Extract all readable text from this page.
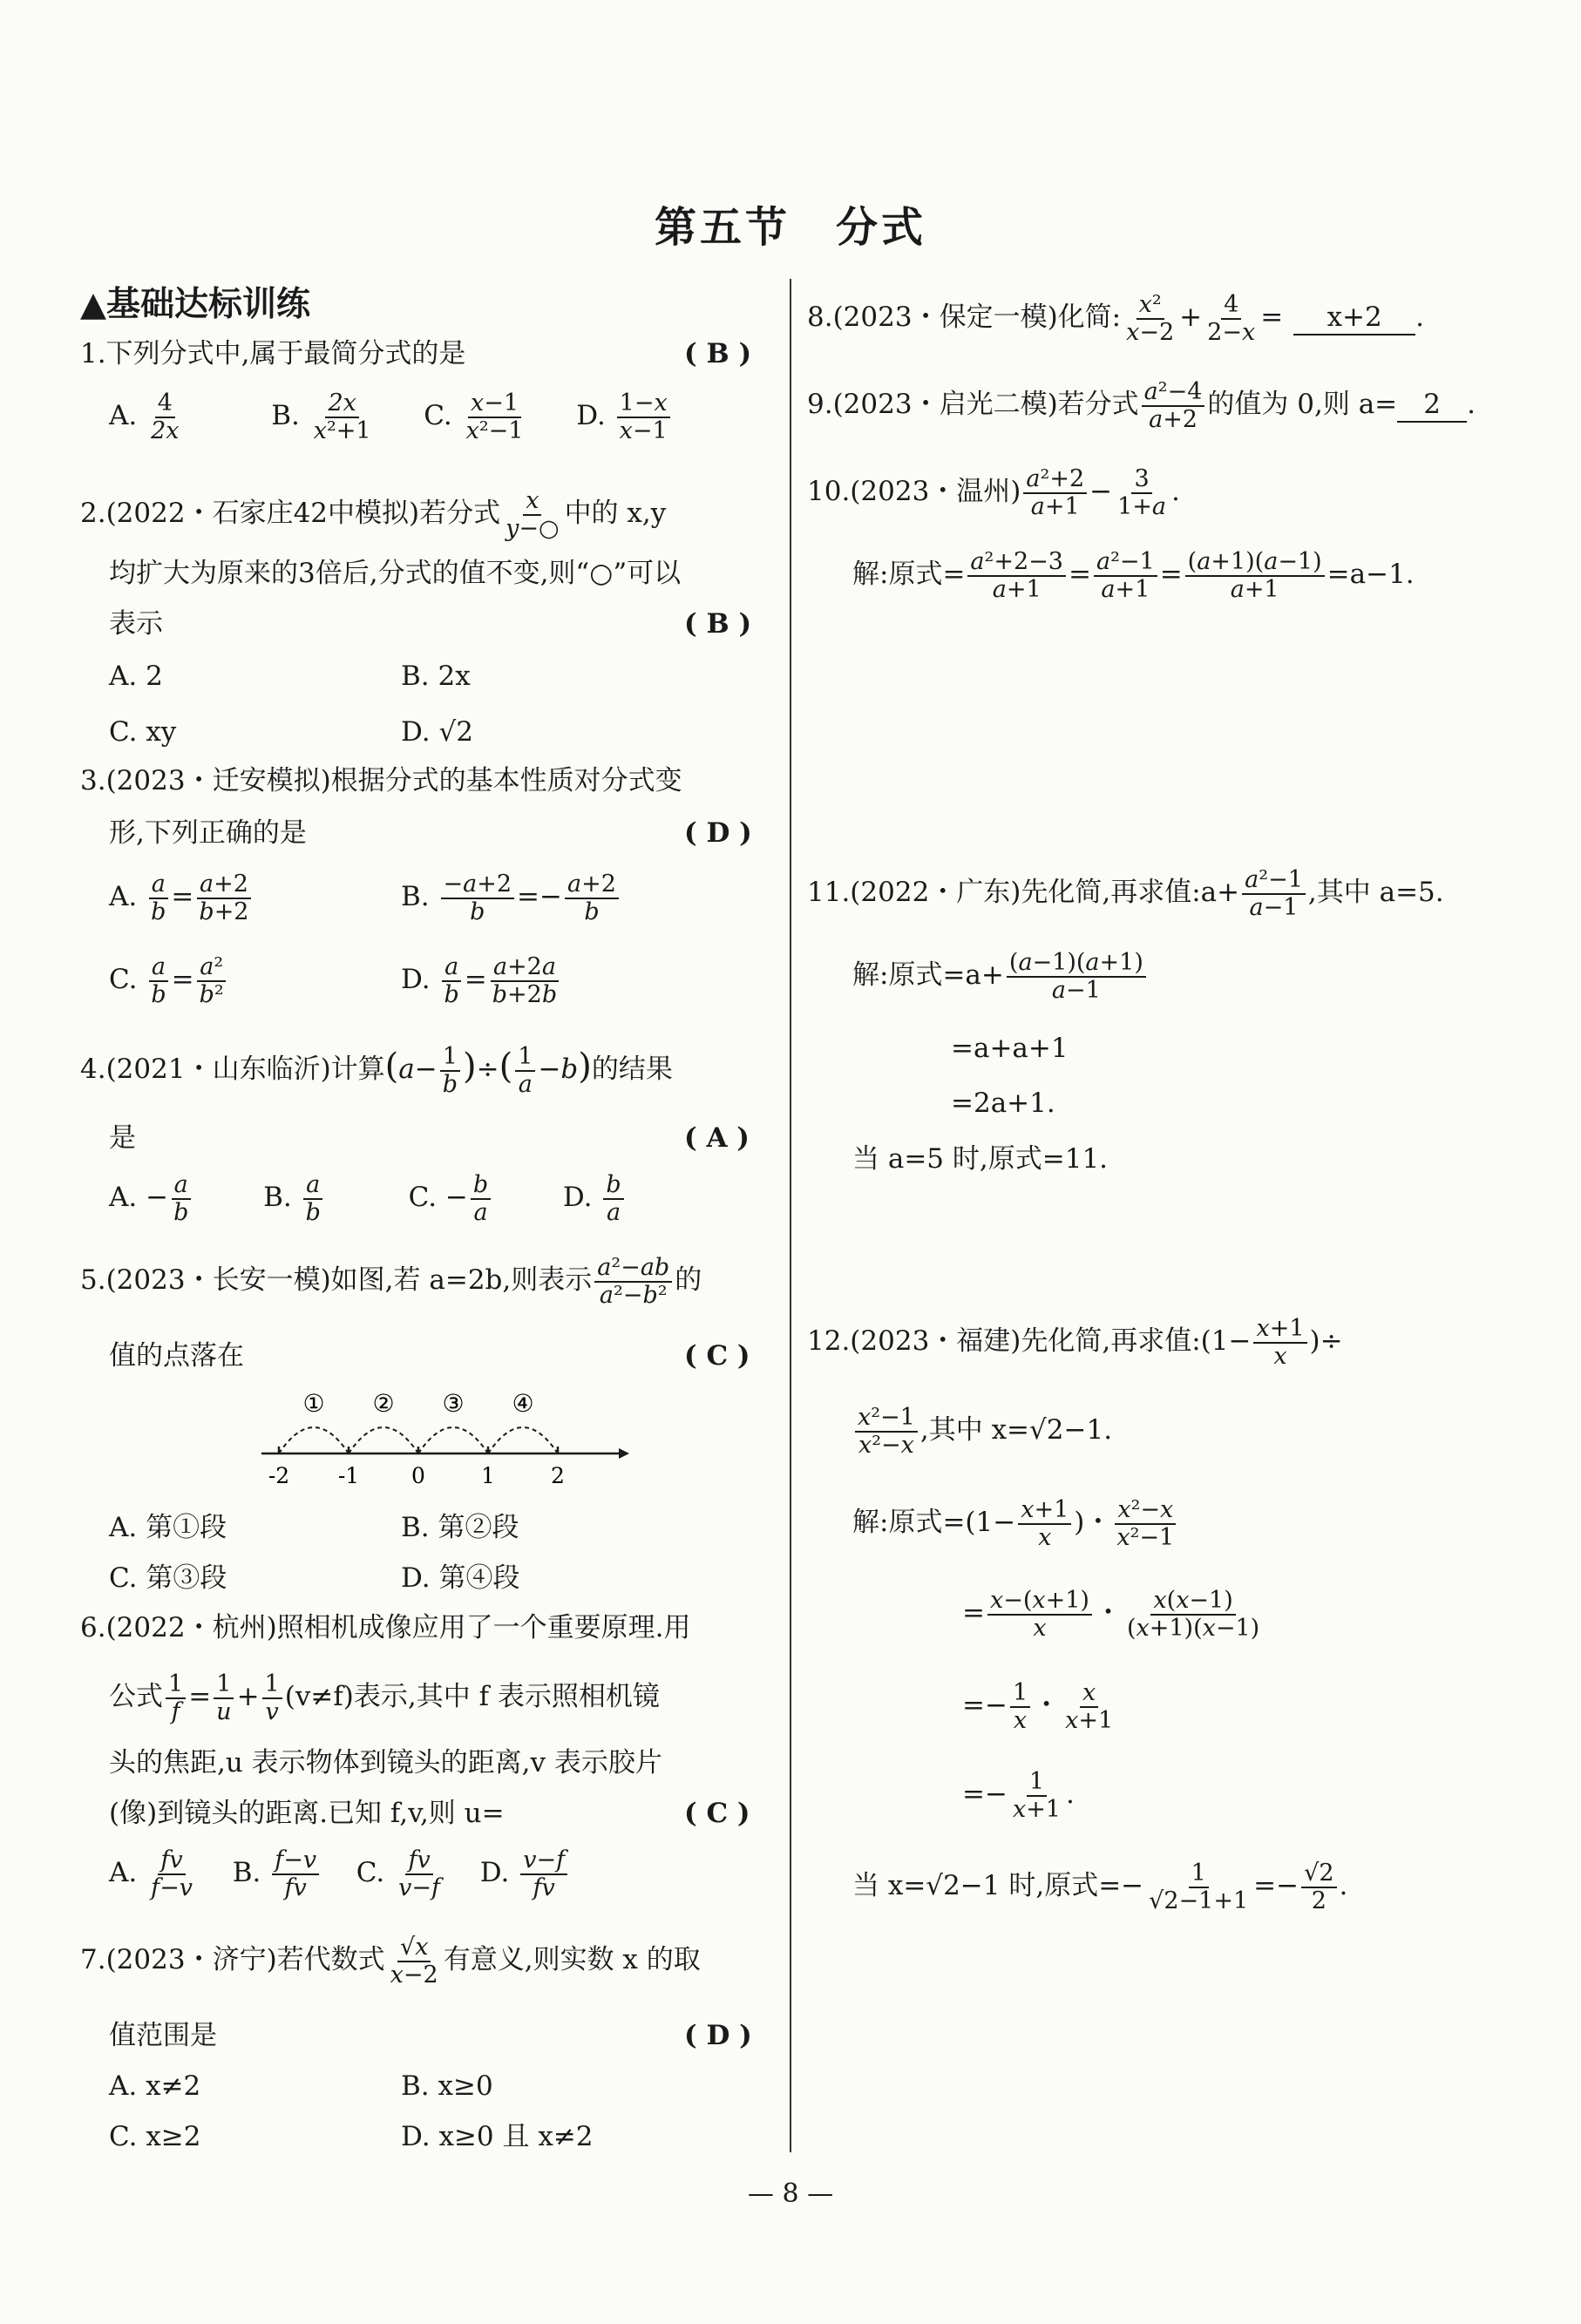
第五节　分式
▲基础达标训练
1.下列分式中,属于最简分式的是	( B )
A. $\frac{4}{2x}$	B. $\frac{2x}{\text{x²+1}} C$. $\frac{x-1}{\text{x²−1}} D$. $\frac{1-x}{x-1}$
2.(2022・石家庄42中模拟)若分式 $\frac{x}{y-○}$ 中的 x,y
均扩大为原来的3倍后,分式的值不变,则“○”可以
表示	( B )
A. 2	B. 2x
C. xy	D. √2
3.(2023・迁安模拟)根据分式的基本性质对分式变
形,下列正确的是	( D )
A. $\frac{a}{b} = \frac{a+2}{b+2}$	B. $\frac{-a+2}{b} =- \frac{a+2}{b}$
C. $\frac{a}{b} = \frac{\text{a²}}{\text{b²}}$	D. $\frac{a}{b} = \frac{a+2a}{b+2b}$
4.(2021・山东临沂)计算($a- \frac{1}{b}$ )÷( $\frac{1}{a} -b$)的结果
是	( A )
A. − $\frac{a}{b} B$. $\frac{a}{b}$	C. − $\frac{b}{a} D$. $\frac{b}{a}$
5.(2023・长安一模)如图,若 a=2b,则表示 $\frac{\text{a²−ab}}{\text{a²−b²}}$ 的
值的点落在	( C )
-2 -1 0	1	2
① ② ③ ④
A. 第①段	B. 第②段
C. 第③段	D. 第④段
6.(2022・杭州)照相机成像应用了一个重要原理.用
公式 $\frac{1}{f} = \frac{1}{u} + \frac{1}{v} (v\ne f)$表示,其中 f 表示照相机镜
头的焦距,u 表示物体到镜头的距离,v 表示胶片
(像)到镜头的距离.已知 f,v,则 u=	( C )
A. $\frac{fv}{f-v} B$. $\frac{f-v}{fv} C$. $\frac{fv}{v-f} D$. $\frac{v-f}{fv}$
7.(2023・济宁)若代数式 $\frac{√x}{x-2}$ 有意义,则实数 x 的取
值范围是	( D )
A. x≠2	B. x≥0
C. x≥2	D. x≥0 且 x≠2
8.(2023・保定一模)化简: $\frac{\text{x²}}{x-2} + \frac{4}{2-x} = x+2$ .
9.(2023・启光二模)若分式 $\frac{\text{a²−4}}{a+2}$ 的值为 0,则 a= 2 .
10.(2023・温州) $\frac{\text{a²+2}}{a+1} - \frac{3}{1+a}$ .
解:原式= $\frac{\text{a²+2−3}}{a+1} = \frac{\text{a²−1}}{a+1} = \frac{(a+1)(a-1)}{a+1} =a-1$.
11.(2022・广东)先化简,再求值:a+ $\frac{\text{a²−1}}{a-1}$ ,其中 a=5.
解:原式$=a+ \frac{(a-1)(a+1)}{a-1}$
=a+a+1
=2a+1.
当 a=5 时,原式=11.
12.(2023・福建)先化简,再求值:(1− $\frac{x+1}{x}$ )÷
$\frac{\text{x²−1}}{\text{x²−x}}$ ,其中 x=√2−1.
解:原式$=(1- \frac{x+1}{x}$ )・ $\frac{\text{x²−x}}{\text{x²−1}}$
= $\frac{x-(x+1)}{x}$ ・ $\frac{x(x-1)}{(x+1)(x-1)}$
=− $\frac{1}{x}$ ・ $\frac{x}{x+1}$
=− $\frac{1}{x+1}$ .
当 x=√2−1 时,原式=− $\frac{1}{√2-1+1} =- \frac{√2}{2}$ .
— 8 —
